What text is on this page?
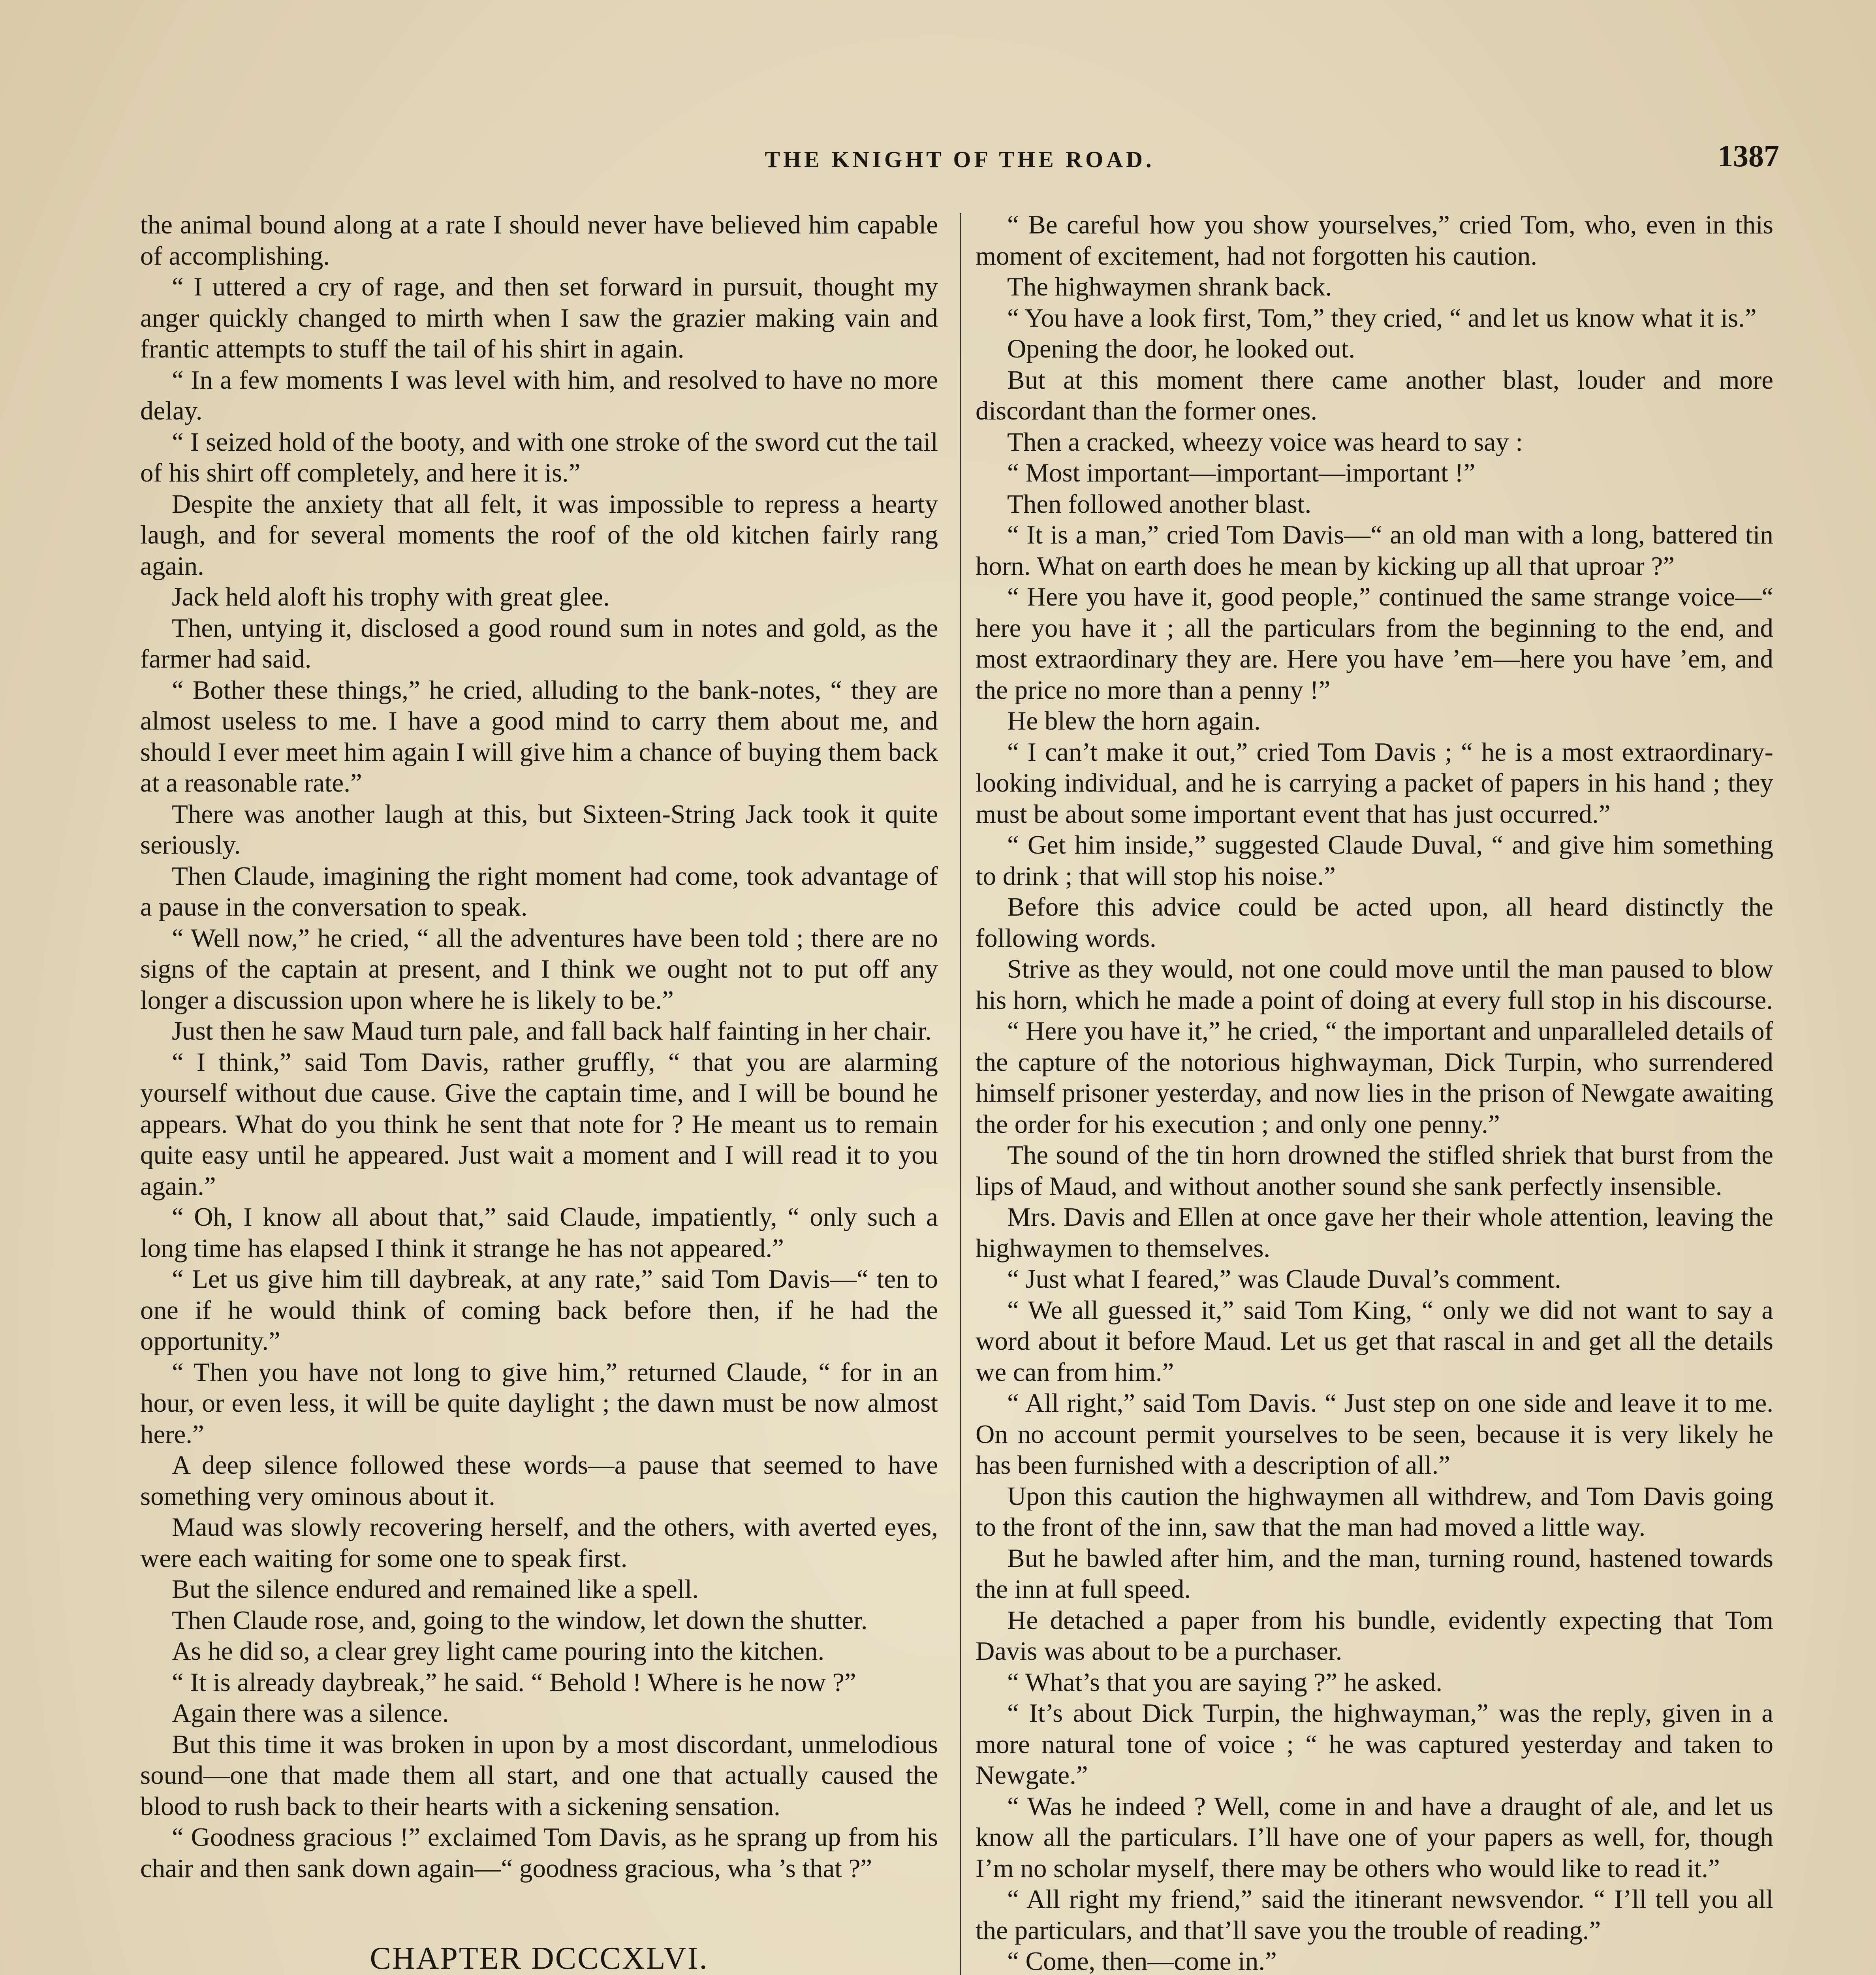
THE KNIGHT OF THE ROAD.	1387

the animal bound along at a rate I should never have believed him capable of accomplishing.

“ I uttered a cry of rage, and then set forward in pursuit, thought my anger quickly changed to mirth when I saw the grazier making vain and frantic attempts to stuff the tail of his shirt in again.

“ In a few moments I was level with him, and resolved to have no more delay.

“ I seized hold of the booty, and with one stroke of the sword cut the tail of his shirt off completely, and here it is.”

Despite the anxiety that all felt, it was impossible to repress a hearty laugh, and for several moments the roof of the old kitchen fairly rang again.

Jack held aloft his trophy with great glee.

Then, untying it, disclosed a good round sum in notes and gold, as the farmer had said.

“ Bother these things,” he cried, alluding to the bank-notes, “ they are almost useless to me. I have a good mind to carry them about me, and should I ever meet him again I will give him a chance of buying them back at a reasonable rate.”

There was another laugh at this, but Sixteen-String Jack took it quite seriously.

Then Claude, imagining the right moment had come, took advantage of a pause in the conversation to speak.

“ Well now,” he cried, “ all the adventures have been told ; there are no signs of the captain at present, and I think we ought not to put off any longer a discussion upon where he is likely to be.”

Just then he saw Maud turn pale, and fall back half fainting in her chair.

“ I think,” said Tom Davis, rather gruffly, “ that you are alarming yourself without due cause. Give the captain time, and I will be bound he appears. What do you think he sent that note for ? He meant us to remain quite easy until he appeared. Just wait a moment and I will read it to you again.”

“ Oh, I know all about that,” said Claude, impatiently, “ only such a long time has elapsed I think it strange he has not appeared.”

“ Let us give him till daybreak, at any rate,” said Tom Davis—“ ten to one if he would think of coming back before then, if he had the opportunity.”

“ Then you have not long to give him,” returned Claude, “ for in an hour, or even less, it will be quite daylight ; the dawn must be now almost here.”

A deep silence followed these words—a pause that seemed to have something very ominous about it.

Maud was slowly recovering herself, and the others, with averted eyes, were each waiting for some one to speak first.

But the silence endured and remained like a spell.

Then Claude rose, and, going to the window, let down the shutter.

As he did so, a clear grey light came pouring into the kitchen.

“ It is already daybreak,” he said. “ Behold ! Where is he now ?”

Again there was a silence.

But this time it was broken in upon by a most discordant, unmelodious sound—one that made them all start, and one that actually caused the blood to rush back to their hearts with a sickening sensation.

“ Goodness gracious !” exclaimed Tom Davis, as he sprang up from his chair and then sank down again—“ goodness gracious, wha ’s that ?”

CHAPTER DCCCXLVI.

“ Be careful how you show yourselves,” cried Tom, who, even in this moment of excitement, had not forgotten his caution.

The highwaymen shrank back.

“ You have a look first, Tom,” they cried, “ and let us know what it is.”

Opening the door, he looked out.

But at this moment there came another blast, louder and more discordant than the former ones.

Then a cracked, wheezy voice was heard to say :

“ Most important—important—important !”

Then followed another blast.

“ It is a man,” cried Tom Davis—“ an old man with a long, battered tin horn. What on earth does he mean by kicking up all that uproar ?”

“ Here you have it, good people,” continued the same strange voice—“ here you have it ; all the particulars from the beginning to the end, and most extraordinary they are. Here you have ’em—here you have ’em, and the price no more than a penny !”

He blew the horn again.

“ I can’t make it out,” cried Tom Davis ; “ he is a most extraordinary-looking individual, and he is carrying a packet of papers in his hand ; they must be about some important event that has just occurred.”

“ Get him inside,” suggested Claude Duval, “ and give him something to drink ; that will stop his noise.”

Before this advice could be acted upon, all heard distinctly the following words.

Strive as they would, not one could move until the man paused to blow his horn, which he made a point of doing at every full stop in his discourse.

“ Here you have it,” he cried, “ the important and unparalleled details of the capture of the notorious highwayman, Dick Turpin, who surrendered himself prisoner yesterday, and now lies in the prison of Newgate awaiting the order for his execution ; and only one penny.”

The sound of the tin horn drowned the stifled shriek that burst from the lips of Maud, and without another sound she sank perfectly insensible.

Mrs. Davis and Ellen at once gave her their whole attention, leaving the highwaymen to themselves.

“ Just what I feared,” was Claude Duval’s comment.

“ We all guessed it,” said Tom King, “ only we did not want to say a word about it before Maud. Let us get that rascal in and get all the details we can from him.”

“ All right,” said Tom Davis. “ Just step on one side and leave it to me. On no account permit yourselves to be seen, because it is very likely he has been furnished with a description of all.”

Upon this caution the highwaymen all withdrew, and Tom Davis going to the front of the inn, saw that the man had moved a little way.

But he bawled after him, and the man, turning round, hastened towards the inn at full speed.

He detached a paper from his bundle, evidently expecting that Tom Davis was about to be a purchaser.

“ What’s that you are saying ?” he asked.

“ It’s about Dick Turpin, the highwayman,” was the reply, given in a more natural tone of voice ; “ he was captured yesterday and taken to Newgate.”

“ Was he indeed ? Well, come in and have a draught of ale, and let us know all the particulars. I’ll have one of your papers as well, for, though I’m no scholar myself, there may be others who would like to read it.”

“ All right my friend,” said the itinerant newsvendor. “ I’ll tell you all the particulars, and that’ll save you the trouble of reading.”

“ Come, then—come in.”
